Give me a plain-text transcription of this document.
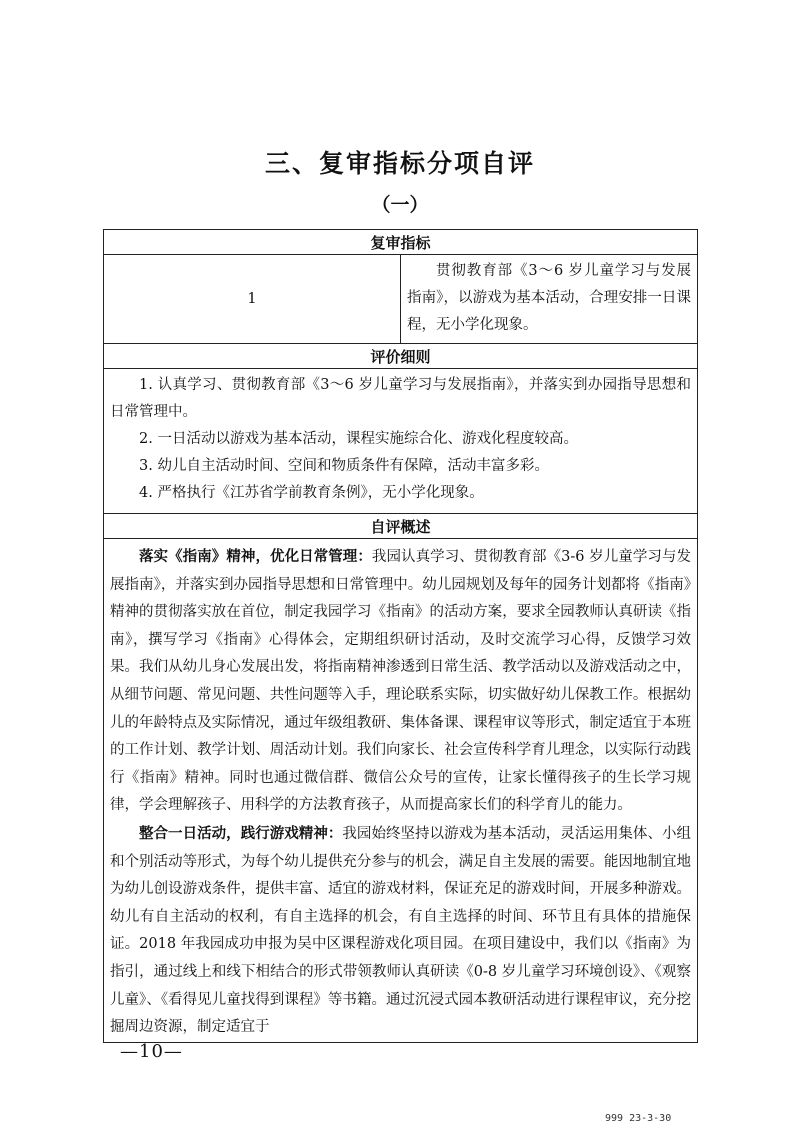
三、复审指标分项自评
（一）
复审指标
1	贯彻教育部《3～6 岁儿童学习与发展指南》，以游戏为基本活动，合理安排一日课程，无小学化现象。
评价细则

1. 认真学习、贯彻教育部《3～6 岁儿童学习与发展指南》，并落实到办园指导思想和日常管理中。

2. 一日活动以游戏为基本活动，课程实施综合化、游戏化程度较高。

3. 幼儿自主活动时间、空间和物质条件有保障，活动丰富多彩。

4. 严格执行《江苏省学前教育条例》，无小学化现象。

自评概述

落实《指南》精神，优化日常管理：我园认真学习、贯彻教育部《3-6 岁儿童学习与发展指南》，并落实到办园指导思想和日常管理中。幼儿园规划及每年的园务计划都将《指南》精神的贯彻落实放在首位，制定我园学习《指南》的活动方案，要求全园教师认真研读《指南》，撰写学习《指南》心得体会，定期组织研讨活动，及时交流学习心得，反馈学习效果。我们从幼儿身心发展出发，将指南精神渗透到日常生活、教学活动以及游戏活动之中，从细节问题、常见问题、共性问题等入手，理论联系实际，切实做好幼儿保教工作。根据幼儿的年龄特点及实际情况，通过年级组教研、集体备课、课程审议等形式，制定适宜于本班的工作计划、教学计划、周活动计划。我们向家长、社会宣传科学育儿理念，以实际行动践行《指南》精神。同时也通过微信群、微信公众号的宣传，让家长懂得孩子的生长学习规律，学会理解孩子、用科学的方法教育孩子，从而提高家长们的科学育儿的能力。

整合一日活动，践行游戏精神：我园始终坚持以游戏为基本活动，灵活运用集体、小组和个别活动等形式，为每个幼儿提供充分参与的机会，满足自主发展的需要。能因地制宜地为幼儿创设游戏条件，提供丰富、适宜的游戏材料，保证充足的游戏时间，开展多种游戏。幼儿有自主活动的权利，有自主选择的机会，有自主选择的时间、环节且有具体的措施保证。2018 年我园成功申报为吴中区课程游戏化项目园。在项目建设中，我们以《指南》为指引，通过线上和线下相结合的形式带领教师认真研读《0-8 岁儿童学习环境创设》、《观察儿童》、《看得见儿童找得到课程》等书籍。通过沉浸式园本教研活动进行课程审议，充分挖掘周边资源，制定适宜于

—10—
999 23-3-30
